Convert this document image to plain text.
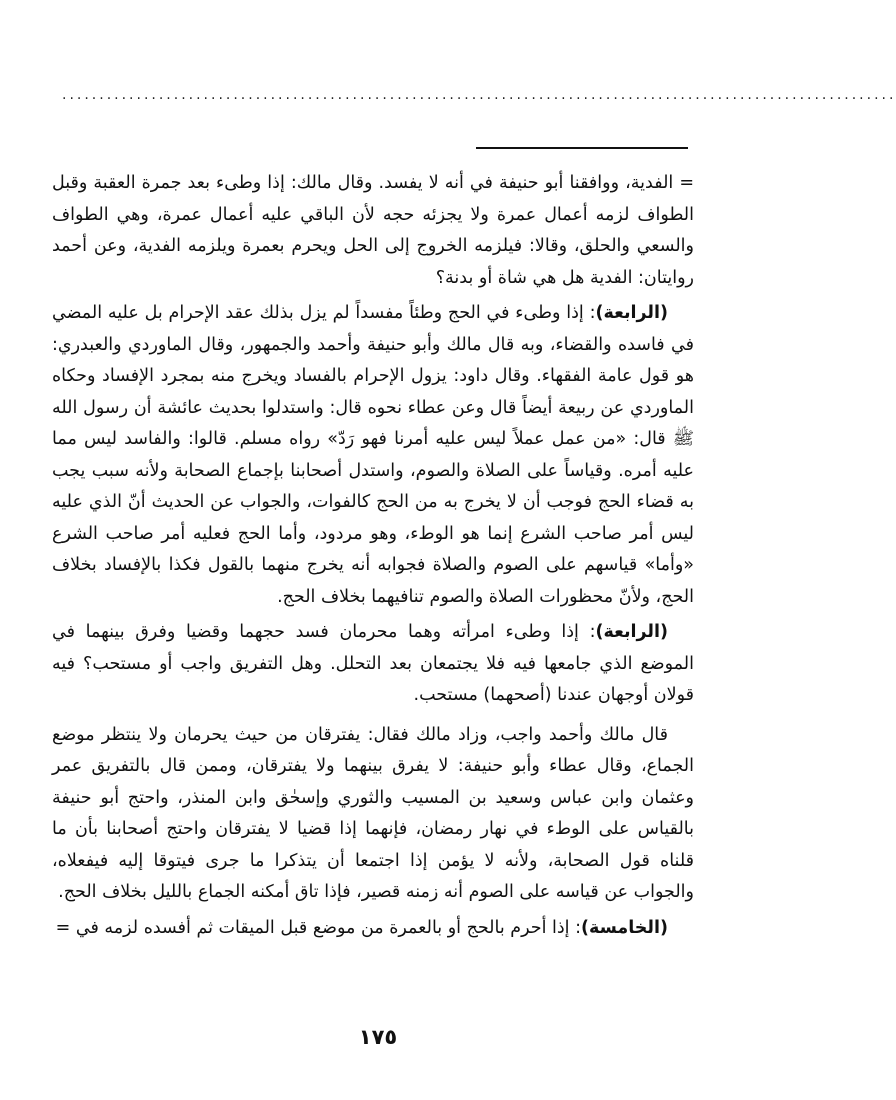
................................................................................................................

= الفدية، ووافقنا أبو حنيفة في أنه لا يفسد. وقال مالك: إذا وطىء بعد جمرة العقبة وقبل الطواف لزمه أعمال عمرة ولا يجزئه حجه لأن الباقي عليه أعمال عمرة، وهي الطواف والسعي والحلق، وقالا: فيلزمه الخروج إلى الحل ويحرم بعمرة ويلزمه الفدية، وعن أحمد روايتان: الفدية هل هي شاة أو بدنة؟

(الرابعة): إذا وطىء في الحج وطئاً مفسداً لم يزل بذلك عقد الإحرام بل عليه المضي في فاسده والقضاء، وبه قال مالك وأبو حنيفة وأحمد والجمهور، وقال الماوردي والعبدري: هو قول عامة الفقهاء. وقال داود: يزول الإحرام بالفساد ويخرج منه بمجرد الإفساد وحكاه الماوردي عن ربيعة أيضاً قال وعن عطاء نحوه قال: واستدلوا بحديث عائشة أن رسول الله ﷺ قال: «من عمل عملاً ليس عليه أمرنا فهو رَدّ» رواه مسلم. قالوا: والفاسد ليس مما عليه أمره. وقياساً على الصلاة والصوم، واستدل أصحابنا بإجماع الصحابة ولأنه سبب يجب به قضاء الحج فوجب أن لا يخرج به من الحج كالفوات، والجواب عن الحديث أنّ الذي عليه ليس أمر صاحب الشرع إنما هو الوطء، وهو مردود، وأما الحج فعليه أمر صاحب الشرع «وأما» قياسهم على الصوم والصلاة فجوابه أنه يخرج منهما بالقول فكذا بالإفساد بخلاف الحج، ولأنّ محظورات الصلاة والصوم تنافيهما بخلاف الحج.

(الرابعة): إذا وطىء امرأته وهما محرمان فسد حجهما وقضيا وفرق بينهما في الموضع الذي جامعها فيه فلا يجتمعان بعد التحلل. وهل التفريق واجب أو مستحب؟ فيه قولان أوجهان عندنا (أصحهما) مستحب.

قال مالك وأحمد واجب، وزاد مالك فقال: يفترقان من حيث يحرمان ولا ينتظر موضع الجماع، وقال عطاء وأبو حنيفة: لا يفرق بينهما ولا يفترقان، وممن قال بالتفريق عمر وعثمان وابن عباس وسعيد بن المسيب والثوري وإسحٰق وابن المنذر، واحتج أبو حنيفة بالقياس على الوطء في نهار رمضان، فإنهما إذا قضيا لا يفترقان واحتج أصحابنا بأن ما قلناه قول الصحابة، ولأنه لا يؤمن إذا اجتمعا أن يتذكرا ما جرى فيتوقا إليه فيفعلاه، والجواب عن قياسه على الصوم أنه زمنه قصير، فإذا تاق أمكنه الجماع بالليل بخلاف الحج.

(الخامسة): إذا أحرم بالحج أو بالعمرة من موضع قبل الميقات ثم أفسده لزمه في =

١٧٥
